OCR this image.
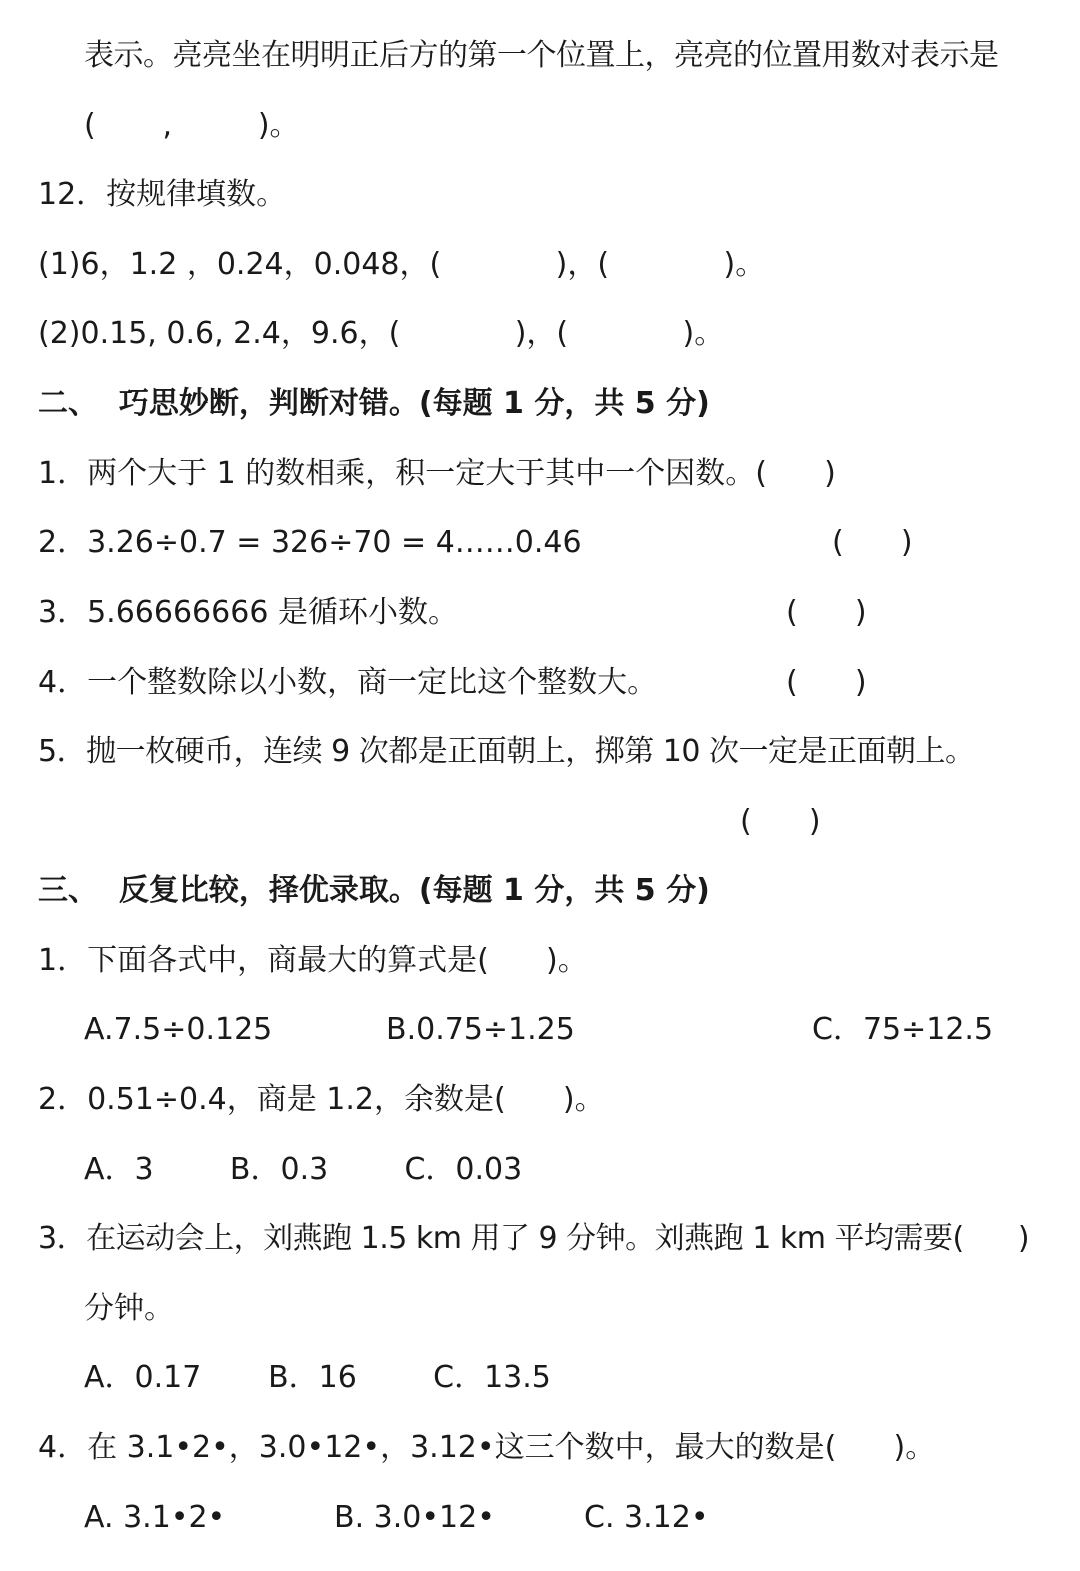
表示。亮亮坐在明明正后方的第一个位置上，亮亮的位置用数对表示是
(       ,         )。
12．按规律填数。
(1)6，1.2 ，0.24，0.048，(            )，(            )。
(2)0.15, 0.6, 2.4，9.6，(            )，(            )。
二、  巧思妙断，判断对错。(每题 1 分，共 5 分)
1．两个大于 1 的数相乘，积一定大于其中一个因数。(      )
2．3.26÷0.7 = 326÷70 = 4……0.46	(      )
3．5.66666666 是循环小数。	(      )
4．一个整数除以小数，商一定比这个整数大。	(      )
5．抛一枚硬币，连续 9 次都是正面朝上，掷第 10 次一定是正面朝上。
(      )
三、  反复比较，择优录取。(每题 1 分，共 5 分)
1．下面各式中，商最大的算式是(      )。
A.7.5÷0.125	B.0.75÷1.25	C．75÷12.5
2．0.51÷0.4，商是 1.2，余数是(      )。
A．3        B．0.3        C．0.03
3．在运动会上，刘燕跑 1.5 km 用了 9 分钟。刘燕跑 1 km 平均需要(      )
分钟。
A．0.17       B．16        C．13.5
4．在 3.1•2•，3.0•12•，3.12•这三个数中，最大的数是(      )。
A. 3.1•2•	B. 3.0•12•	C. 3.12•
